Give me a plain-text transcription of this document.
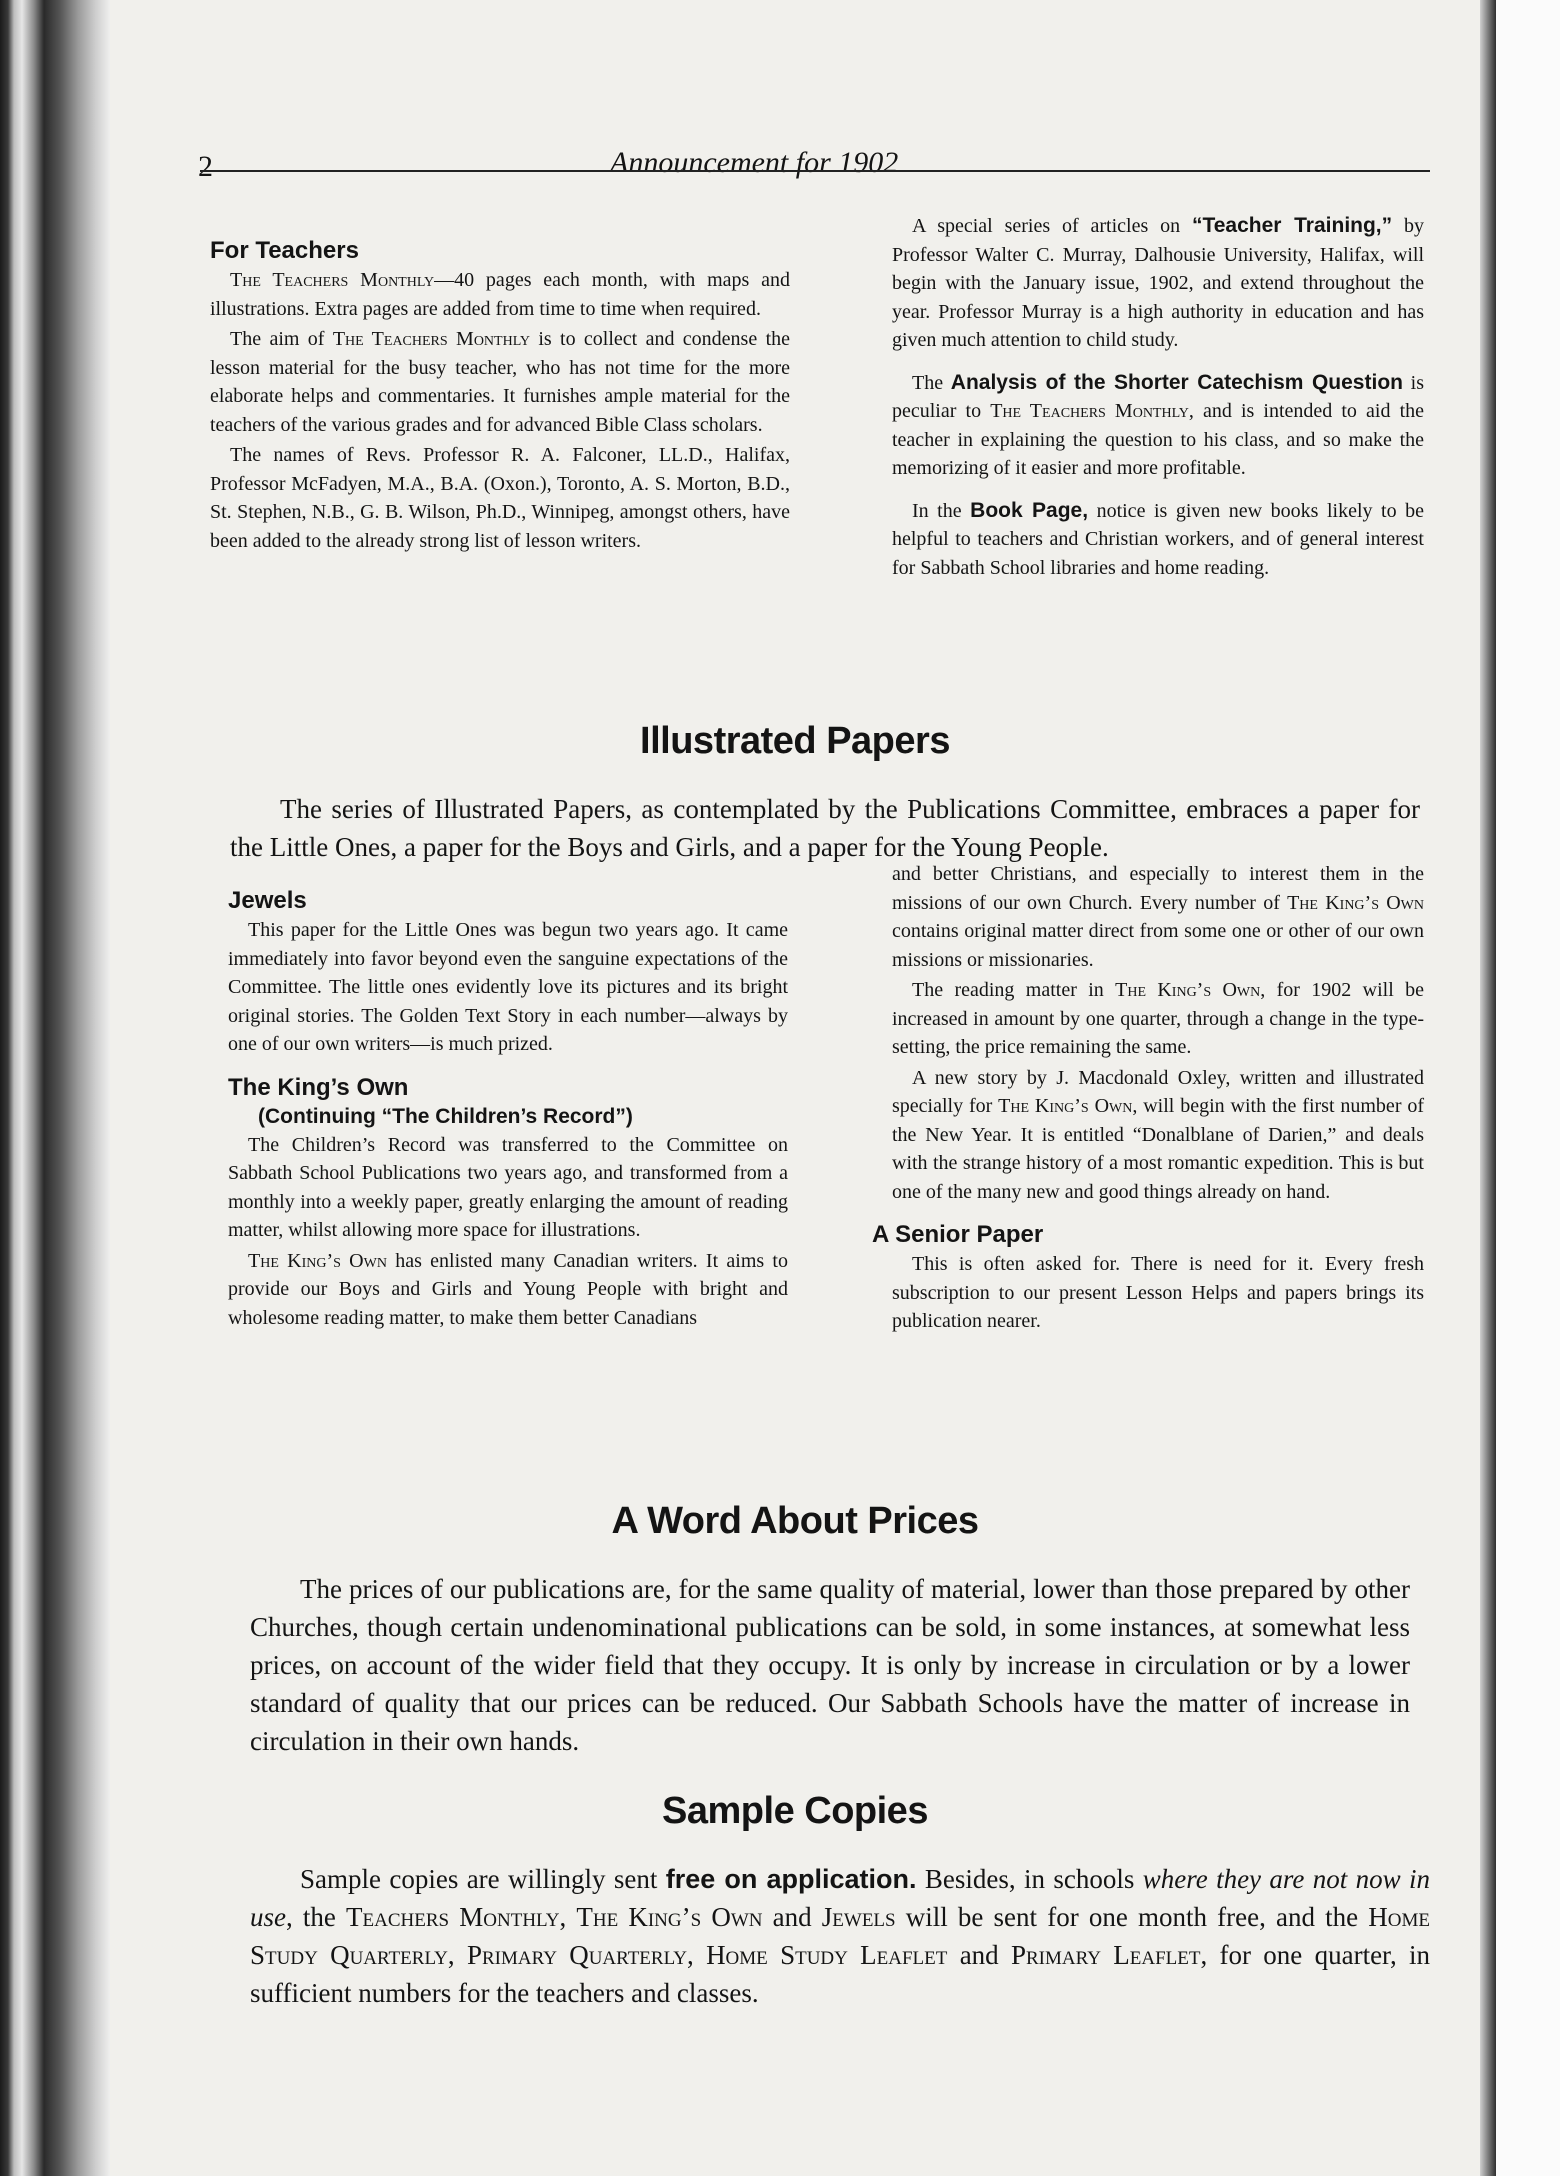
2	Announcement for 1902
For Teachers

The Teachers Monthly—40 pages each month, with maps and illustrations. Extra pages are added from time to time when required.

The aim of The Teachers Monthly is to collect and condense the lesson material for the busy teacher, who has not time for the more elaborate helps and commentaries. It furnishes ample material for the teachers of the various grades and for advanced Bible Class scholars.

The names of Revs. Professor R. A. Falconer, LL.D., Halifax, Professor McFadyen, M.A., B.A. (Oxon.), Toronto, A. S. Morton, B.D., St. Stephen, N.B., G. B. Wilson, Ph.D., Winnipeg, amongst others, have been added to the already strong list of lesson writers.

A special series of articles on “Teacher Training,” by Professor Walter C. Murray, Dalhousie University, Halifax, will begin with the January issue, 1902, and extend throughout the year. Professor Murray is a high authority in education and has given much attention to child study.

The Analysis of the Shorter Catechism Question is peculiar to The Teachers Monthly, and is intended to aid the teacher in explaining the question to his class, and so make the memorizing of it easier and more profitable.

In the Book Page, notice is given new books likely to be helpful to teachers and Christian workers, and of general interest for Sabbath School libraries and home reading.

Illustrated Papers

The series of Illustrated Papers, as contemplated by the Publications Committee, embraces a paper for the Little Ones, a paper for the Boys and Girls, and a paper for the Young People.

Jewels

This paper for the Little Ones was begun two years ago. It came immediately into favor beyond even the sanguine expectations of the Committee. The little ones evidently love its pictures and its bright original stories. The Golden Text Story in each number—always by one of our own writers—is much prized.

The King’s Own
(Continuing “The Children’s Record”)

The Children’s Record was transferred to the Committee on Sabbath School Publications two years ago, and transformed from a monthly into a weekly paper, greatly enlarging the amount of reading matter, whilst allowing more space for illustrations.

The King’s Own has enlisted many Canadian writers. It aims to provide our Boys and Girls and Young People with bright and wholesome reading matter, to make them better Canadians

and better Christians, and especially to interest them in the missions of our own Church. Every number of The King’s Own contains original matter direct from some one or other of our own missions or missionaries.

The reading matter in The King’s Own, for 1902 will be increased in amount by one quarter, through a change in the type-setting, the price remaining the same.

A new story by J. Macdonald Oxley, written and illustrated specially for The King’s Own, will begin with the first number of the New Year. It is entitled “Donalblane of Darien,” and deals with the strange history of a most romantic expedition. This is but one of the many new and good things already on hand.

A Senior Paper

This is often asked for. There is need for it. Every fresh subscription to our present Lesson Helps and papers brings its publication nearer.

A Word About Prices

The prices of our publications are, for the same quality of material, lower than those prepared by other Churches, though certain undenominational publications can be sold, in some instances, at somewhat less prices, on account of the wider field that they occupy. It is only by increase in circulation or by a lower standard of quality that our prices can be reduced. Our Sabbath Schools have the matter of increase in circulation in their own hands.

Sample Copies

Sample copies are willingly sent free on application. Besides, in schools where they are not now in use, the Teachers Monthly, The King’s Own and Jewels will be sent for one month free, and the Home Study Quarterly, Primary Quarterly, Home Study Leaflet and Primary Leaflet, for one quarter, in sufficient numbers for the teachers and classes.
